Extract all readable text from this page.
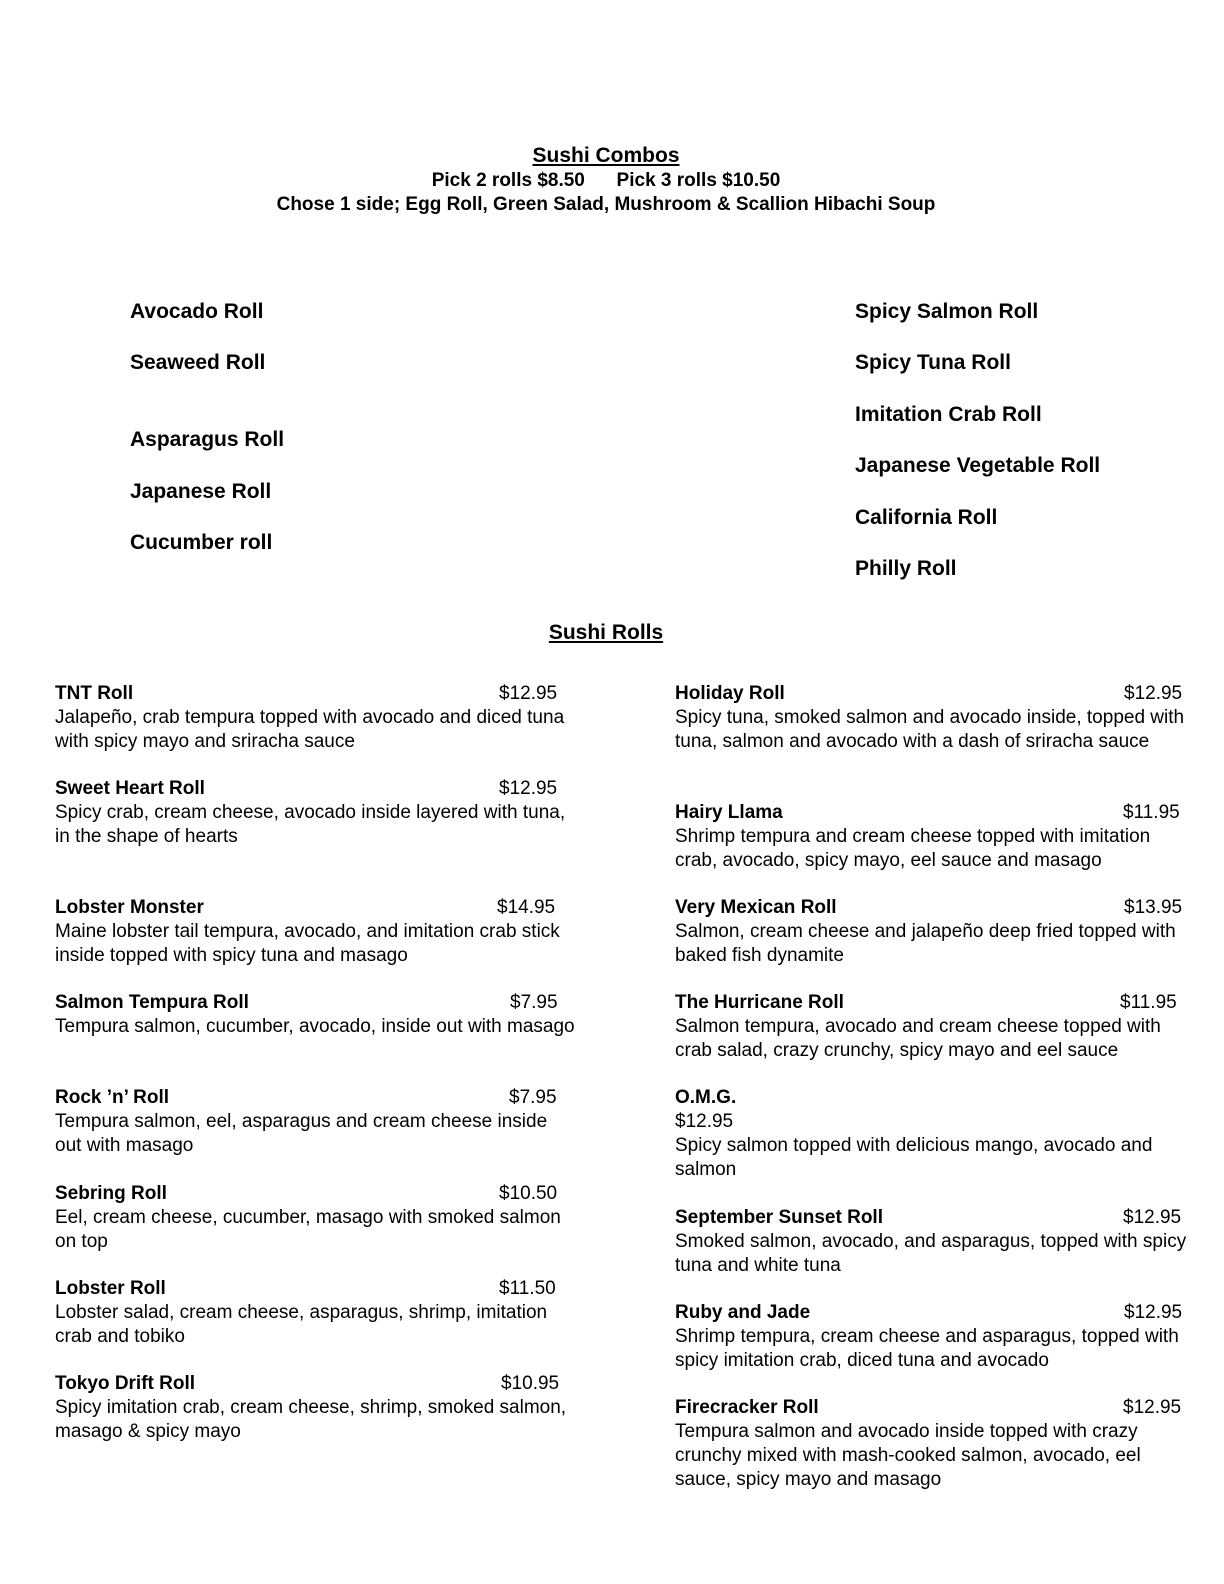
Sushi Combos
Pick 2 rolls $8.50      Pick 3 rolls $10.50
Chose 1 side; Egg Roll, Green Salad, Mushroom & Scallion Hibachi Soup
Avocado Roll
Seaweed Roll
Asparagus Roll
Japanese Roll
Cucumber roll
Spicy Salmon Roll
Spicy Tuna Roll
Imitation Crab Roll
Japanese Vegetable Roll
California Roll
Philly Roll
Sushi Rolls
TNT Roll	$12.95
Jalapeño, crab tempura topped with avocado and diced tuna with spicy mayo and sriracha sauce
Sweet Heart Roll	$12.95
Spicy crab, cream cheese, avocado inside layered with tuna, in the shape of hearts
Lobster Monster	$14.95
Maine lobster tail tempura, avocado, and imitation crab stick inside topped with spicy tuna and masago
Salmon Tempura Roll	$7.95
Tempura salmon, cucumber, avocado, inside out with masago
Rock ’n’ Roll	$7.95
Tempura salmon, eel, asparagus and cream cheese inside out with masago
Sebring Roll	$10.50
Eel, cream cheese, cucumber, masago with smoked salmon on top
Lobster Roll	$11.50
Lobster salad, cream cheese, asparagus, shrimp, imitation crab and tobiko
Tokyo Drift Roll	$10.95
Spicy imitation crab, cream cheese, shrimp, smoked salmon, masago & spicy mayo
Holiday Roll	$12.95
Spicy tuna, smoked salmon and avocado inside, topped with tuna, salmon and avocado with a dash of sriracha sauce
Hairy Llama	$11.95
Shrimp tempura and cream cheese topped with imitation crab, avocado, spicy mayo, eel sauce and masago
Very Mexican Roll	$13.95
Salmon, cream cheese and jalapeño deep fried topped with baked fish dynamite
The Hurricane Roll	$11.95
Salmon tempura, avocado and cream cheese topped with crab salad, crazy crunchy, spicy mayo and eel sauce
O.M.G.
$12.95
Spicy salmon topped with delicious mango, avocado and salmon
September Sunset Roll	$12.95
Smoked salmon, avocado, and asparagus, topped with spicy tuna and white tuna
Ruby and Jade	$12.95
Shrimp tempura, cream cheese and asparagus, topped with spicy imitation crab, diced tuna and avocado
Firecracker Roll	$12.95
Tempura salmon and avocado inside topped with crazy crunchy mixed with mash-cooked salmon, avocado, eel sauce, spicy mayo and masago
